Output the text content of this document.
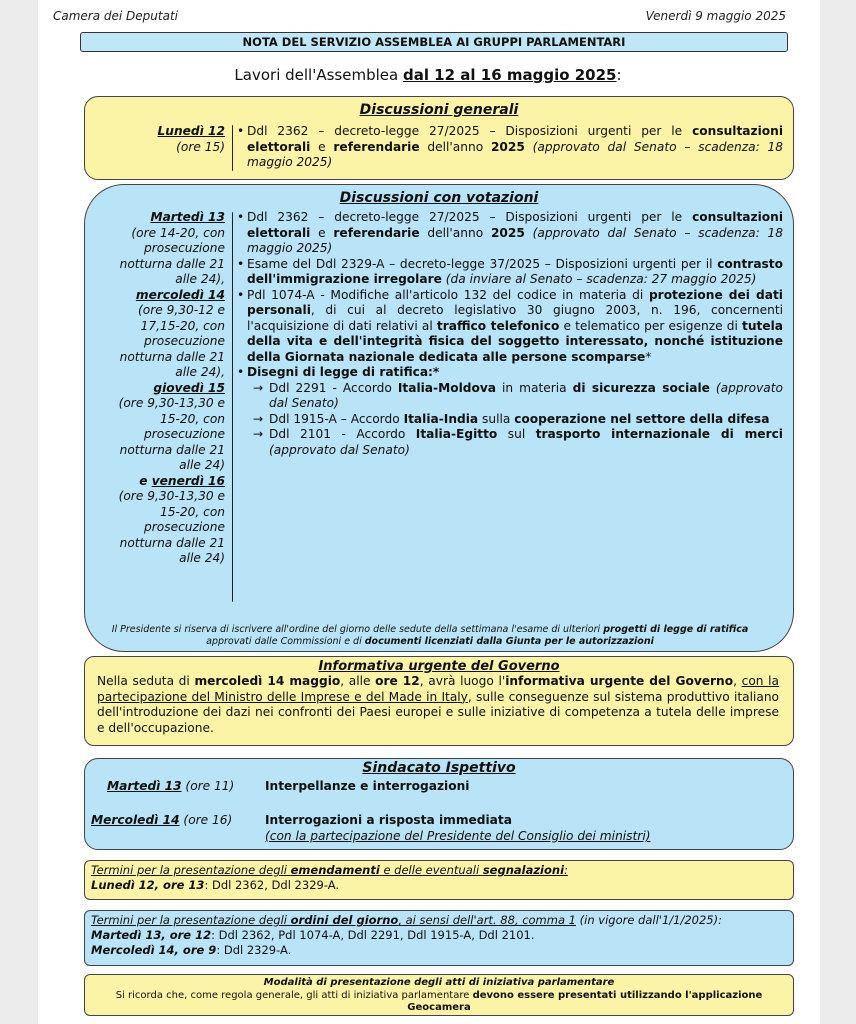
Camera dei Deputati	Venerdì 9 maggio 2025
NOTA DEL SERVIZIO ASSEMBLEA AI GRUPPI PARLAMENTARI
Lavori dell'Assemblea dal 12 al 16 maggio 2025:
Discussioni generali
Lunedì 12
(ore 15)
• Ddl 2362 – decreto-legge 27/2025 – Disposizioni urgenti per le consultazioni elettorali e referendarie dell'anno 2025 (approvato dal Senato – scadenza: 18 maggio 2025)
Discussioni con votazioni
Martedì 13
(ore 14-20, con prosecuzione notturna dalle 21 alle 24),
mercoledì 14
(ore 9,30-12 e 17,15-20, con prosecuzione notturna dalle 21 alle 24),
giovedì 15
(ore 9,30-13,30 e 15-20, con prosecuzione notturna dalle 21 alle 24)
e venerdì 16
(ore 9,30-13,30 e 15-20, con prosecuzione notturna dalle 21 alle 24)
• Ddl 2362 – decreto-legge 27/2025 – Disposizioni urgenti per le consultazioni elettorali e referendarie dell'anno 2025 (approvato dal Senato – scadenza: 18 maggio 2025)
• Esame del Ddl 2329-A – decreto-legge 37/2025 – Disposizioni urgenti per il contrasto dell'immigrazione irregolare (da inviare al Senato – scadenza: 27 maggio 2025)
• Pdl 1074-A - Modifiche all'articolo 132 del codice in materia di protezione dei dati personali, di cui al decreto legislativo 30 giugno 2003, n. 196, concernenti l'acquisizione di dati relativi al traffico telefonico e telematico per esigenze di tutela della vita e dell'integrità fisica del soggetto interessato, nonché istituzione della Giornata nazionale dedicata alle persone scomparse*
• Disegni di legge di ratifica:*
→ Ddl 2291 - Accordo Italia-Moldova in materia di sicurezza sociale (approvato dal Senato)
→ Ddl 1915-A – Accordo Italia-India sulla cooperazione nel settore della difesa
→ Ddl 2101 - Accordo Italia-Egitto sul trasporto internazionale di merci (approvato dal Senato)
Il Presidente si riserva di iscrivere all'ordine del giorno delle sedute della settimana l'esame di ulteriori progetti di legge di ratifica approvati dalle Commissioni e di documenti licenziati dalla Giunta per le autorizzazioni
Informativa urgente del Governo
Nella seduta di mercoledì 14 maggio, alle ore 12, avrà luogo l'informativa urgente del Governo, con la partecipazione del Ministro delle Imprese e del Made in Italy, sulle conseguenze sul sistema produttivo italiano dell'introduzione dei dazi nei confronti dei Paesi europei e sulle iniziative di competenza a tutela delle imprese e dell'occupazione.
Sindacato Ispettivo
Martedì 13 (ore 11)	Interpellanze e interrogazioni
Mercoledì 14 (ore 16)	Interrogazioni a risposta immediata
(con la partecipazione del Presidente del Consiglio dei ministri)
Termini per la presentazione degli emendamenti e delle eventuali segnalazioni:
Lunedì 12, ore 13: Ddl 2362, Ddl 2329-A.
Termini per la presentazione degli ordini del giorno, ai sensi dell'art. 88, comma 1 (in vigore dall'1/1/2025):
Martedì 13, ore 12: Ddl 2362, Pdl 1074-A, Ddl 2291, Ddl 1915-A, Ddl 2101.
Mercoledì 14, ore 9: Ddl 2329-A.
Modalità di presentazione degli atti di iniziativa parlamentare
Si ricorda che, come regola generale, gli atti di iniziativa parlamentare devono essere presentati utilizzando l'applicazione Geocamera
